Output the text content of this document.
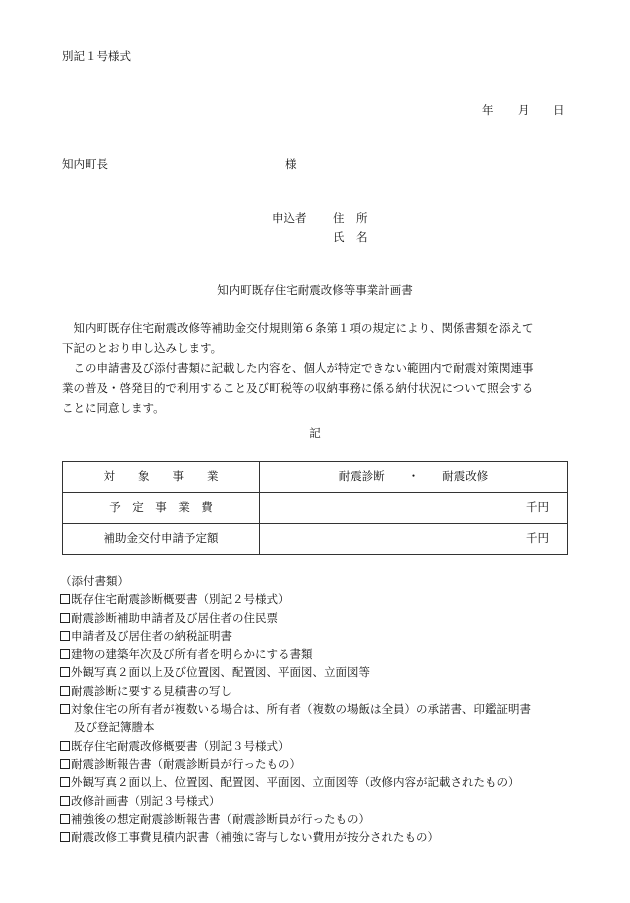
別記１号様式
年 月 日
知内町長	様
申込者 住　所
氏　名
知内町既存住宅耐震改修等事業計画書
　知内町既存住宅耐震改修等補助金交付規則第６条第１項の規定により、関係書類を添えて
下記のとおり申し込みします。
　この申請書及び添付書類に記載した内容を、個人が特定できない範囲内で耐震対策関連事
業の普及・啓発目的で利用すること及び町税等の収納事務に係る納付状況について照会する
ことに同意します。
記
対　　象　　事　　業	耐震診断　　・　　耐震改修
予　定　事　業　費	千円
補助金交付申請予定額	千円
（添付書類）
既存住宅耐震診断概要書（別記２号様式）
耐震診断補助申請者及び居住者の住民票
申請者及び居住者の納税証明書
建物の建築年次及び所有者を明らかにする書類
外観写真２面以上及び位置図、配置図、平面図、立面図等
耐震診断に要する見積書の写し
対象住宅の所有者が複数いる場合は、所有者（複数の場飯は全員）の承諾書、印鑑証明書
及び登記簿謄本
既存住宅耐震改修概要書（別記３号様式）
耐震診断報告書（耐震診断員が行ったもの）
外観写真２面以上、位置図、配置図、平面図、立面図等（改修内容が記載されたもの）
改修計画書（別記３号様式）
補強後の想定耐震診断報告書（耐震診断員が行ったもの）
耐震改修工事費見積内訳書（補強に寄与しない費用が按分されたもの）
